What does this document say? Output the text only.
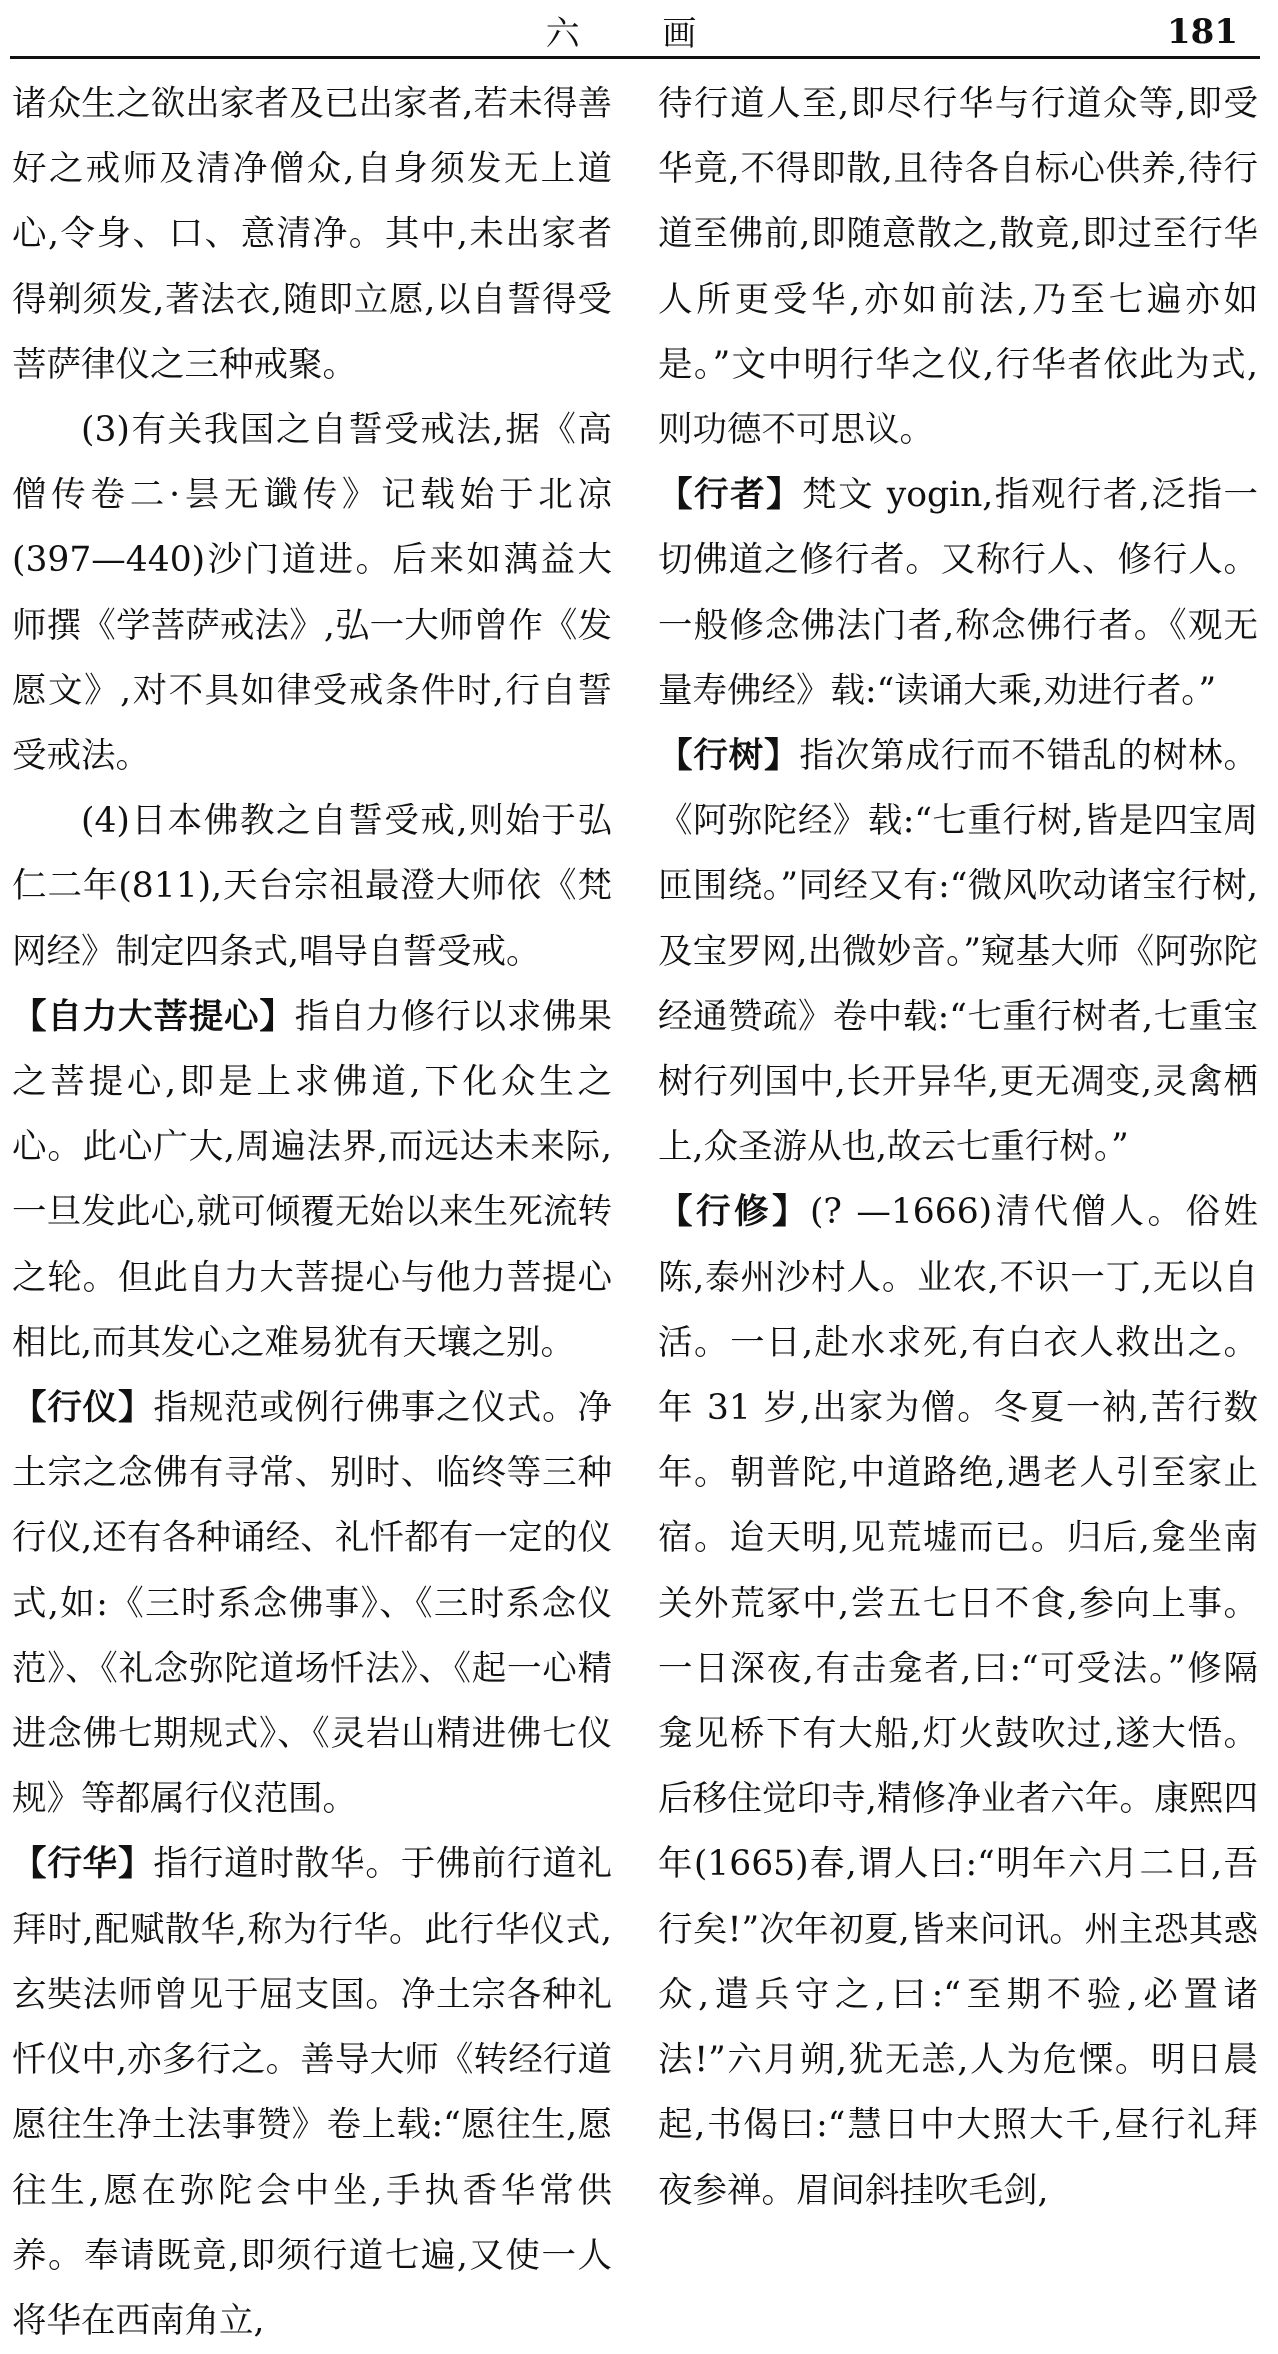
六 画	181

诸众生之欲出家者及已出家者,若未得善好之戒师及清净僧众,自身须发无上道心,令身、口、意清净。其中,未出家者得剃须发,著法衣,随即立愿,以自誓得受菩萨律仪之三种戒聚。

(3)有关我国之自誓受戒法,据《高僧传卷二·昙无谶传》记载始于北凉(397—440)沙门道进。后来如蕅益大师撰《学菩萨戒法》,弘一大师曾作《发愿文》,对不具如律受戒条件时,行自誓受戒法。

(4)日本佛教之自誓受戒,则始于弘仁二年(811),天台宗祖最澄大师依《梵网经》制定四条式,唱导自誓受戒。

【自力大菩提心】指自力修行以求佛果之菩提心,即是上求佛道,下化众生之心。此心广大,周遍法界,而远达未来际,一旦发此心,就可倾覆无始以来生死流转之轮。但此自力大菩提心与他力菩提心相比,而其发心之难易犹有天壤之别。

【行仪】指规范或例行佛事之仪式。净土宗之念佛有寻常、别时、临终等三种行仪,还有各种诵经、礼忏都有一定的仪式,如:《三时系念佛事》、《三时系念仪范》、《礼念弥陀道场忏法》、《起一心精进念佛七期规式》、《灵岩山精进佛七仪规》等都属行仪范围。

【行华】指行道时散华。于佛前行道礼拜时,配赋散华,称为行华。此行华仪式,玄奘法师曾见于屈支国。净土宗各种礼忏仪中,亦多行之。善导大师《转经行道愿往生净土法事赞》卷上载:“愿往生,愿往生,愿在弥陀会中坐,手执香华常供养。奉请既竟,即须行道七遍,又使一人将华在西南角立,

待行道人至,即尽行华与行道众等,即受华竟,不得即散,且待各自标心供养,待行道至佛前,即随意散之,散竟,即过至行华人所更受华,亦如前法,乃至七遍亦如是。”文中明行华之仪,行华者依此为式,则功德不可思议。

【行者】梵文 yogin,指观行者,泛指一切佛道之修行者。又称行人、修行人。一般修念佛法门者,称念佛行者。《观无量寿佛经》载:“读诵大乘,劝进行者。”

【行树】指次第成行而不错乱的树林。《阿弥陀经》载:“七重行树,皆是四宝周匝围绕。”同经又有:“微风吹动诸宝行树,及宝罗网,出微妙音。”窥基大师《阿弥陀经通赞疏》卷中载:“七重行树者,七重宝树行列国中,长开异华,更无凋变,灵禽栖上,众圣游从也,故云七重行树。”

【行修】(? —1666)清代僧人。俗姓陈,泰州沙村人。业农,不识一丁,无以自活。一日,赴水求死,有白衣人救出之。年 31 岁,出家为僧。冬夏一衲,苦行数年。朝普陀,中道路绝,遇老人引至家止宿。迨天明,见荒墟而已。归后,龛坐南关外荒冢中,尝五七日不食,参向上事。一日深夜,有击龛者,曰:“可受法。”修隔龛见桥下有大船,灯火鼓吹过,遂大悟。后移住觉印寺,精修净业者六年。康熙四年(1665)春,谓人曰:“明年六月二日,吾行矣!”次年初夏,皆来问讯。州主恐其惑众,遣兵守之,曰:“至期不验,必置诸法!”六月朔,犹无恙,人为危慄。明日晨起,书偈曰:“慧日中大照大千,昼行礼拜夜参禅。眉间斜挂吹毛剑,
